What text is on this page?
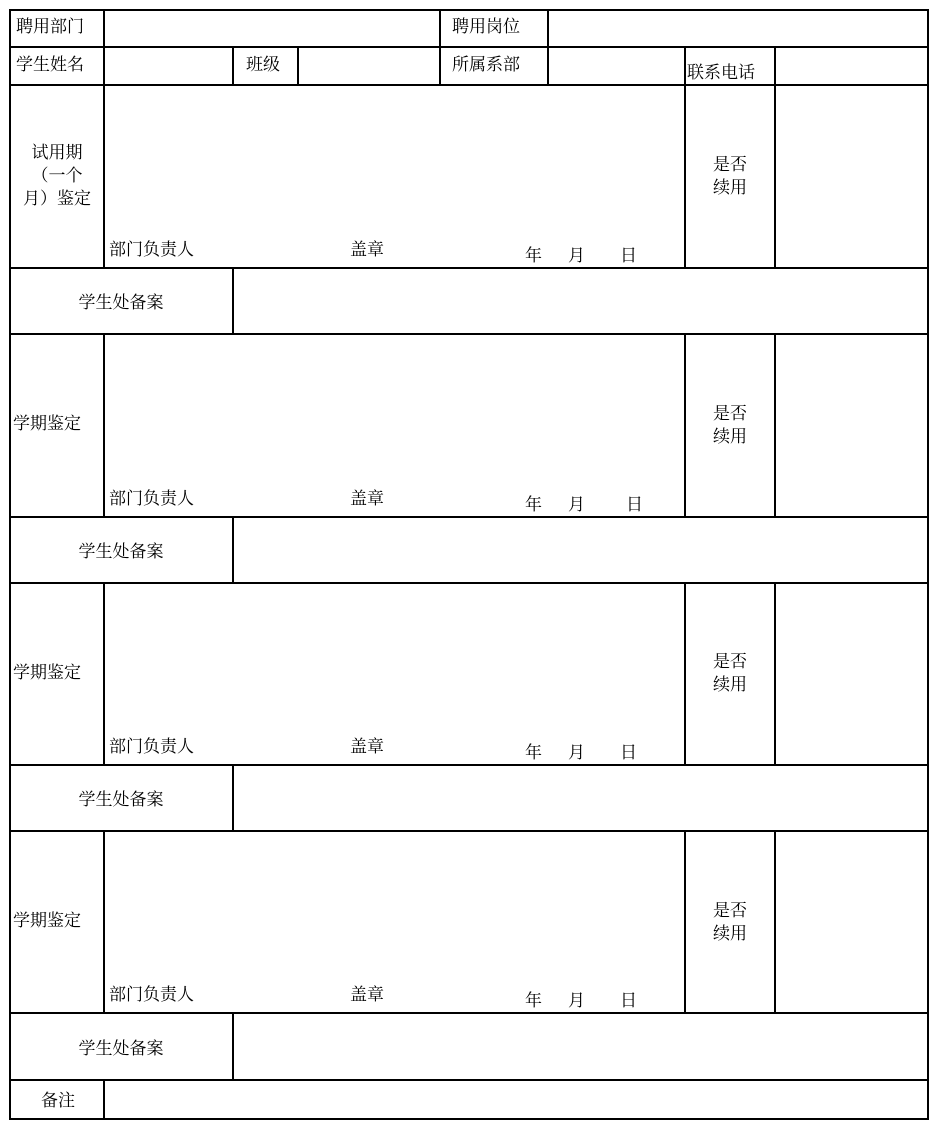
聘用部门	聘用岗位
学生姓名	班级	所属系部	联系电话
试用期
（一个
月）鉴定
部门负责人	盖章	年 月 日
是否
续用
学生处备案
学期鉴定
部门负责人	盖章	年 月 日
是否
续用
学生处备案
学期鉴定
部门负责人	盖章	年 月 日
是否
续用
学生处备案
学期鉴定
部门负责人	盖章	年 月 日
是否
续用
学生处备案
备注
